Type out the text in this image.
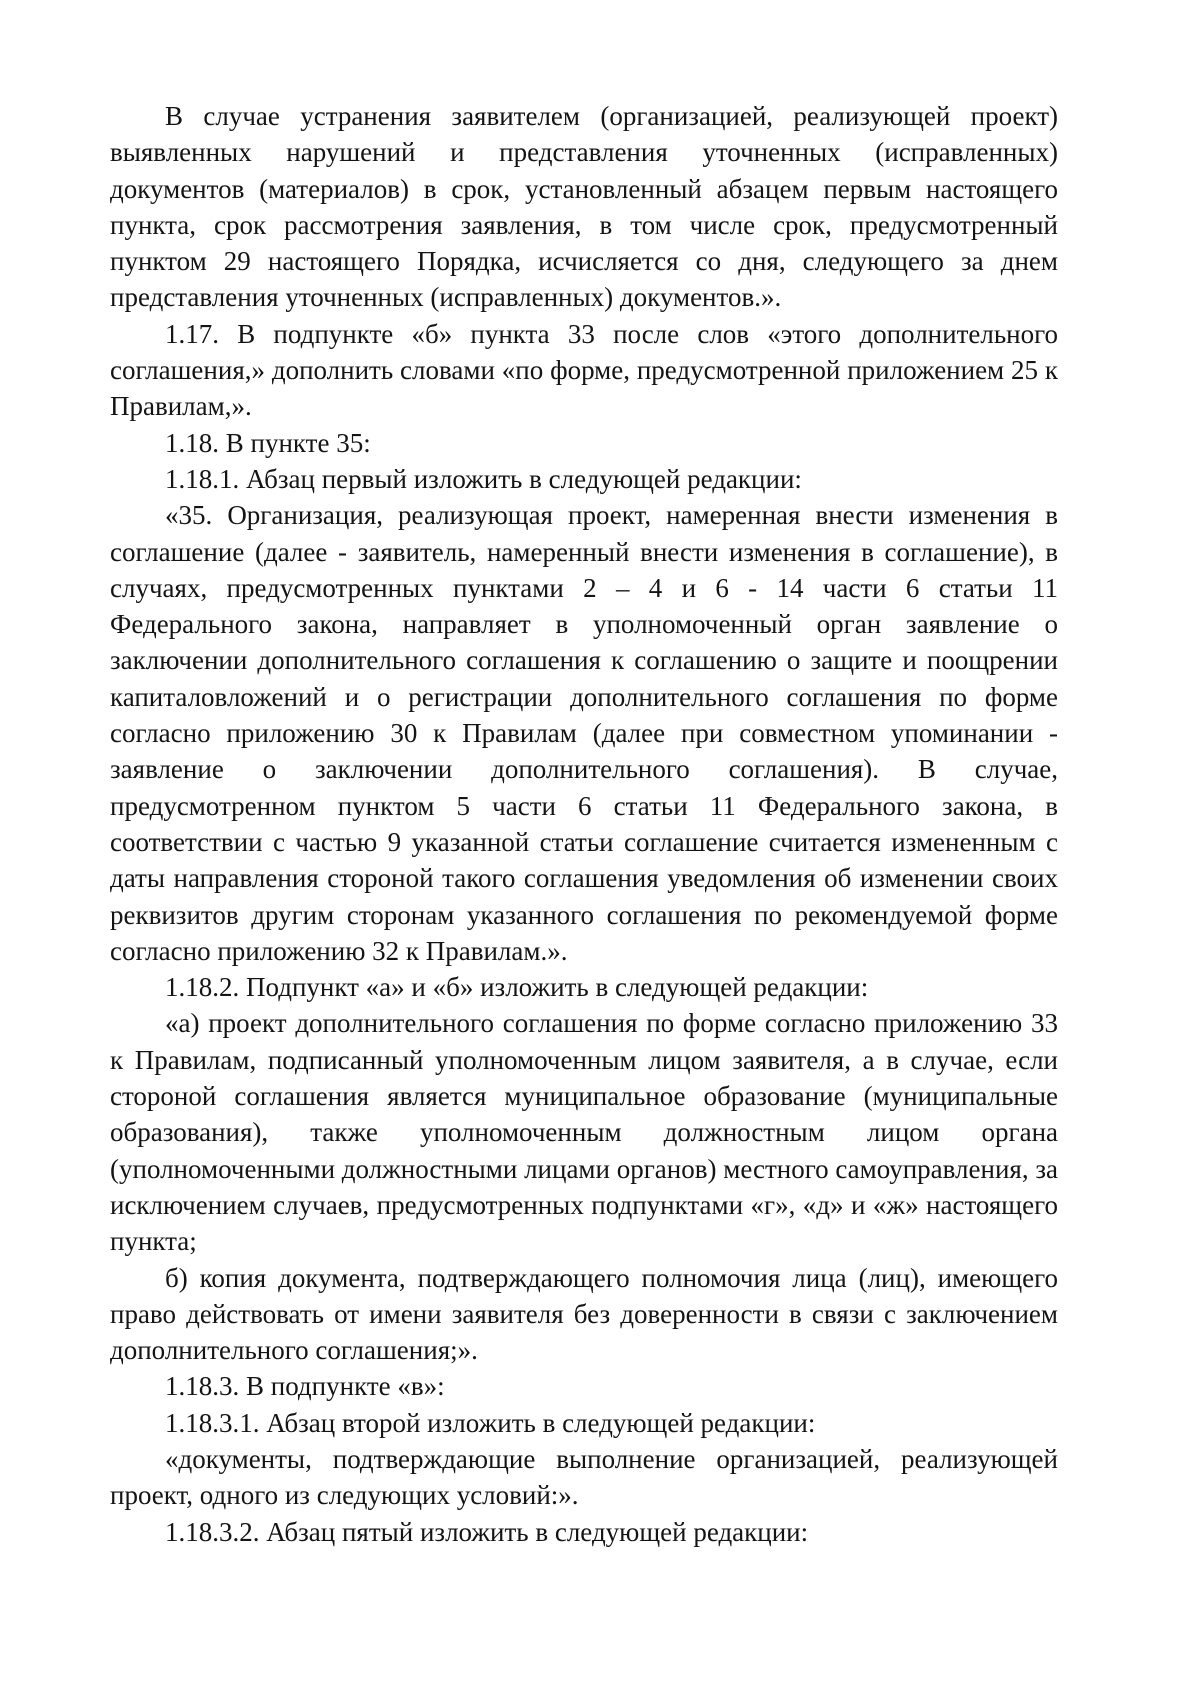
В случае устранения заявителем (организацией, реализующей проект) выявленных нарушений и представления уточненных (исправленных) документов (материалов) в срок, установленный абзацем первым настоящего пункта, срок рассмотрения заявления, в том числе срок, предусмотренный пунктом 29 настоящего Порядка, исчисляется со дня, следующего за днем представления уточненных (исправленных) документов.».

1.17. В подпункте «б» пункта 33 после слов «этого дополнительного соглашения,» дополнить словами «по форме, предусмотренной приложением 25 к Правилам,».

1.18. В пункте 35:

1.18.1. Абзац первый изложить в следующей редакции:

«35. Организация, реализующая проект, намеренная внести изменения в соглашение (далее - заявитель, намеренный внести изменения в соглашение), в случаях, предусмотренных пунктами 2 – 4 и 6 - 14 части 6 статьи 11 Федерального закона, направляет в уполномоченный орган заявление о заключении дополнительного соглашения к соглашению о защите и поощрении капиталовложений и о регистрации дополнительного соглашения по форме согласно приложению 30 к Правилам (далее при совместном упоминании - заявление о заключении дополнительного соглашения). В случае, предусмотренном пунктом 5 части 6 статьи 11 Федерального закона, в соответствии с частью 9 указанной статьи соглашение считается измененным с даты направления стороной такого соглашения уведомления об изменении своих реквизитов другим сторонам указанного соглашения по рекомендуемой форме согласно приложению 32 к Правилам.».

1.18.2. Подпункт «а» и «б» изложить в следующей редакции:

«а) проект дополнительного соглашения по форме согласно приложению 33 к Правилам, подписанный уполномоченным лицом заявителя, а в случае, если стороной соглашения является муниципальное образование (муниципальные образования), также уполномоченным должностным лицом органа (уполномоченными должностными лицами органов) местного самоуправления, за исключением случаев, предусмотренных подпунктами «г», «д» и «ж» настоящего пункта;

б) копия документа, подтверждающего полномочия лица (лиц), имеющего право действовать от имени заявителя без доверенности в связи с заключением дополнительного соглашения;».

1.18.3. В подпункте «в»:

1.18.3.1. Абзац второй изложить в следующей редакции:

«документы, подтверждающие выполнение организацией, реализующей проект, одного из следующих условий:».

1.18.3.2. Абзац пятый изложить в следующей редакции:
